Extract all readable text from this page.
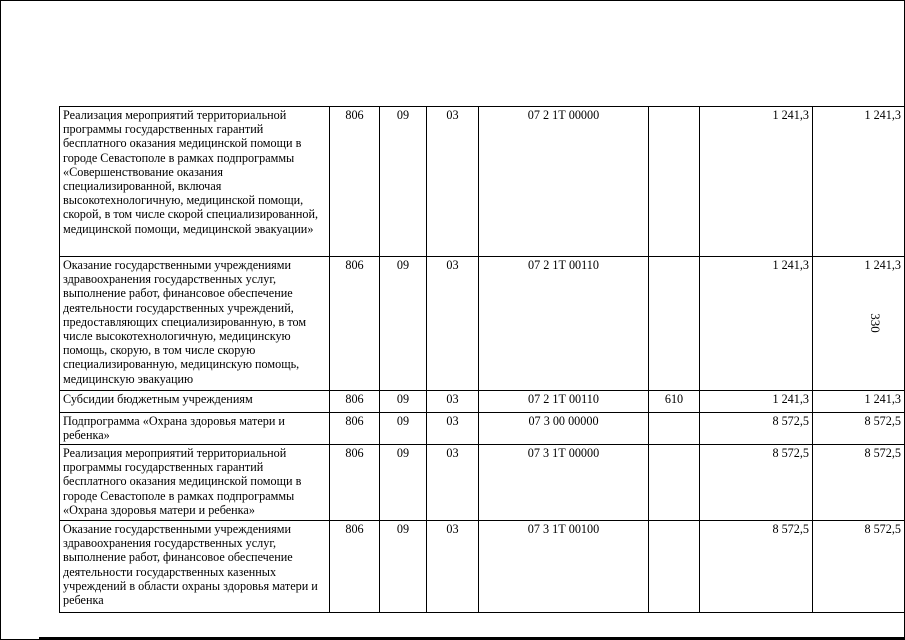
330
Реализация мероприятий территориальной программы государственных гарантий бесплатного оказания медицинской помощи в городе Севастополе в рамках подпрограммы «Совершенствование оказания специализированной, включая высокотехнологичную, медицинской помощи, скорой, в том числе скорой специализированной, медицинской помощи, медицинской эвакуации»	806	09	03	07 2 1Т 00000		1 241,3	1 241,3
Оказание государственными учреждениями здравоохранения государственных услуг, выполнение работ, финансовое обеспечение деятельности государственных учреждений, предоставляющих специализированную, в том числе высокотехнологичную, медицинскую помощь, скорую, в том числе скорую специализированную, медицинскую помощь, медицинскую эвакуацию	806	09	03	07 2 1Т 00110		1 241,3	1 241,3
Субсидии бюджетным учреждениям	806	09	03	07 2 1Т 00110	610	1 241,3	1 241,3
Подпрограмма «Охрана здоровья матери и ребенка»	806	09	03	07 3 00 00000		8 572,5	8 572,5
Реализация мероприятий территориальной программы государственных гарантий бесплатного оказания медицинской помощи в городе Севастополе в рамках подпрограммы «Охрана здоровья матери и ребенка»	806	09	03	07 3 1Т 00000		8 572,5	8 572,5
Оказание государственными учреждениями здравоохранения государственных услуг, выполнение работ, финансовое обеспечение деятельности государственных казенных учреждений в области охраны здоровья матери и ребенка	806	09	03	07 3 1Т 00100		8 572,5	8 572,5
